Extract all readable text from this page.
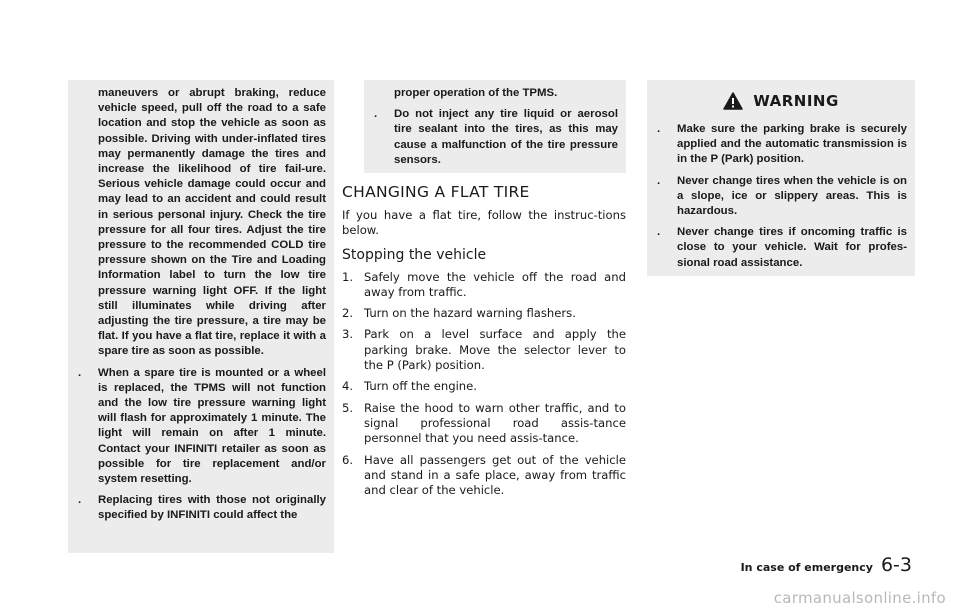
maneuvers or abrupt braking, reduce vehicle speed, pull off the road to a safe location and stop the vehicle as soon as possible. Driving with under-inflated tires may permanently damage the tires and increase the likelihood of tire fail-ure. Serious vehicle damage could occur and may lead to an accident and could result in serious personal injury. Check the tire pressure for all four tires. Adjust the tire pressure to the recommended COLD tire pressure shown on the Tire and Loading Information label to turn the low tire pressure warning light OFF. If the light still illuminates while driving after adjusting the tire pressure, a tire may be flat. If you have a flat tire, replace it with a spare tire as soon as possible.

. When a spare tire is mounted or a wheel is replaced, the TPMS will not function and the low tire pressure warning light will flash for approximately 1 minute. The light will remain on after 1 minute. Contact your INFINITI retailer as soon as possible for tire replacement and/or system resetting.
. Replacing tires with those not originally specified by INFINITI could affect the

proper operation of the TPMS.

. Do not inject any tire liquid or aerosol tire sealant into the tires, as this may cause a malfunction of the tire pressure sensors.
CHANGING A FLAT TIRE
If you have a flat tire, follow the instruc-tions below.
Stopping the vehicle
1. Safely move the vehicle off the road and away from traffic.
2. Turn on the hazard warning flashers.
3. Park on a level surface and apply the parking brake. Move the selector lever to the P (Park) position.
4. Turn off the engine.
5. Raise the hood to warn other traffic, and to signal professional road assis-tance personnel that you need assis-tance.
6. Have all passengers get out of the vehicle and stand in a safe place, away from traffic and clear of the vehicle.
WARNING
. Make sure the parking brake is securely applied and the automatic transmission is in the P (Park) position.
. Never change tires when the vehicle is on a slope, ice or slippery areas. This is hazardous.
. Never change tires if oncoming traffic is close to your vehicle. Wait for profes-sional road assistance.
In case of emergency 6-3
carmanualsonline.info
